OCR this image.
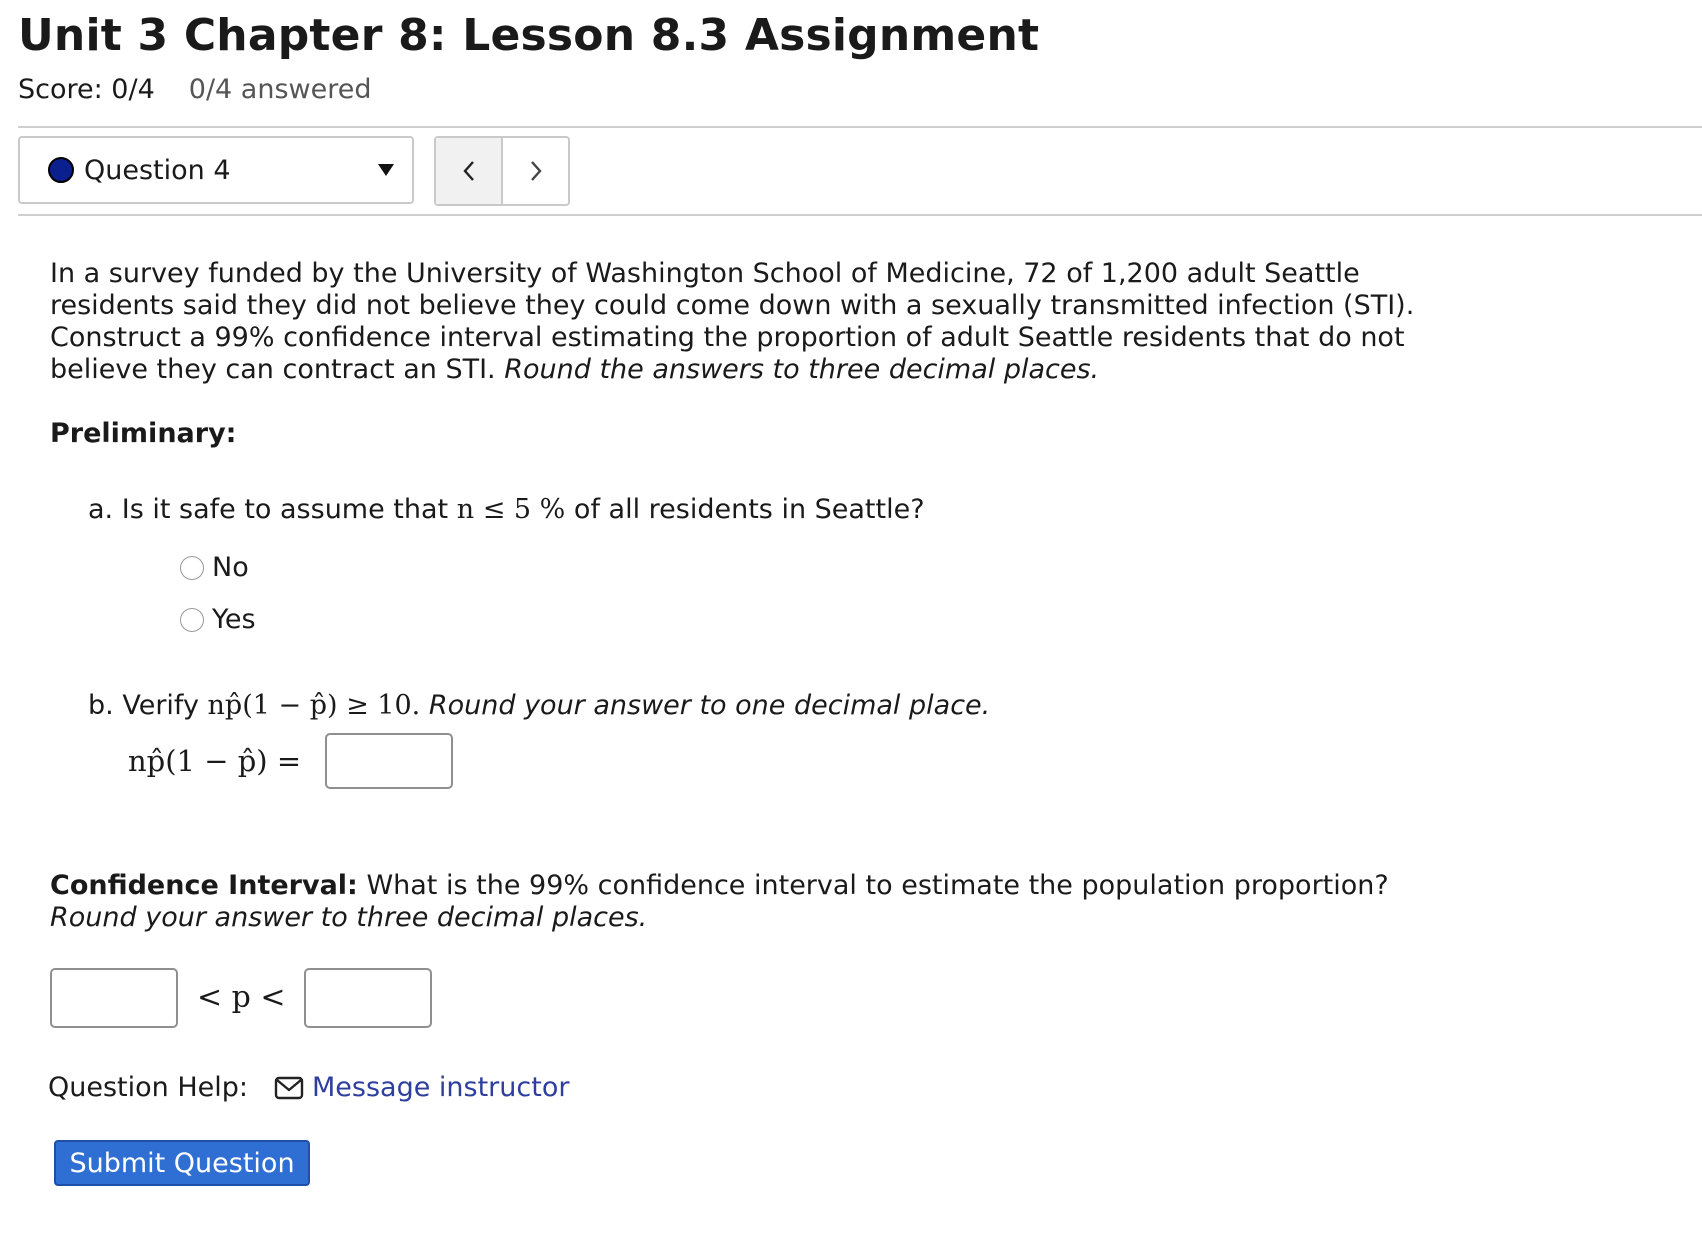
Unit 3 Chapter 8: Lesson 8.3 Assignment
Score: 0/4 0/4 answered
Question 4
In a survey funded by the University of Washington School of Medicine, 72 of 1,200 adult Seattle residents said they did not believe they could come down with a sexually transmitted infection (STI). Construct a 99% confidence interval estimating the proportion of adult Seattle residents that do not believe they can contract an STI. Round the answers to three decimal places.
Preliminary:
a. Is it safe to assume that n ≤ 5 % of all residents in Seattle?
No
Yes
b. Verify np̂(1 − p̂) ≥ 10. Round your answer to one decimal place.
np̂(1 − p̂) =
Confidence Interval: What is the 99% confidence interval to estimate the population proportion? Round your answer to three decimal places.
< p <
Question Help: Message instructor
Submit Question
